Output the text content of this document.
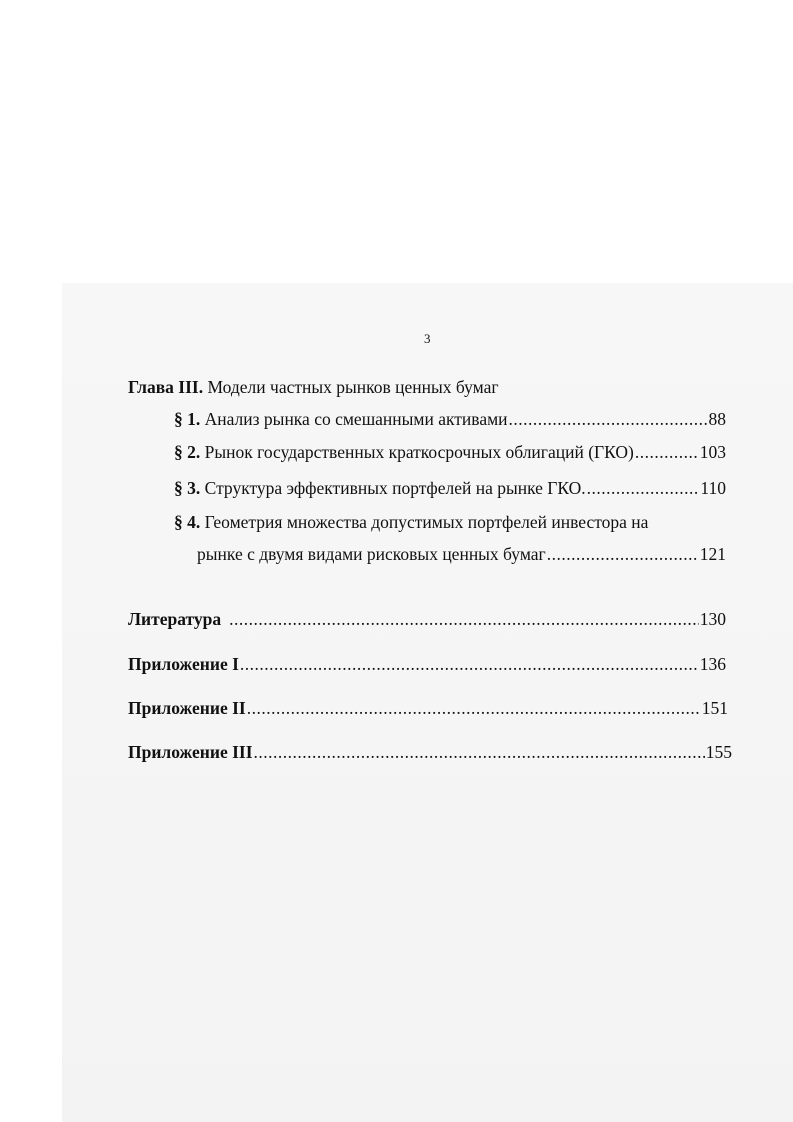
3
Глава III. Модели частных рынков ценных бумаг
§ 1. Анализ рынка со смешанными активами .....	88
§ 2. Рынок государственных краткосрочных облигаций (ГКО) .....	103
§ 3. Структура эффективных портфелей на рынке ГКО. .....	110
§ 4. Геометрия множества допустимых портфелей инвестора на
рынке с двумя видами рисковых ценных бумаг .....	121
Литература .....	130
Приложение I .....	136
Приложение II .....	151
Приложение III .....	155
